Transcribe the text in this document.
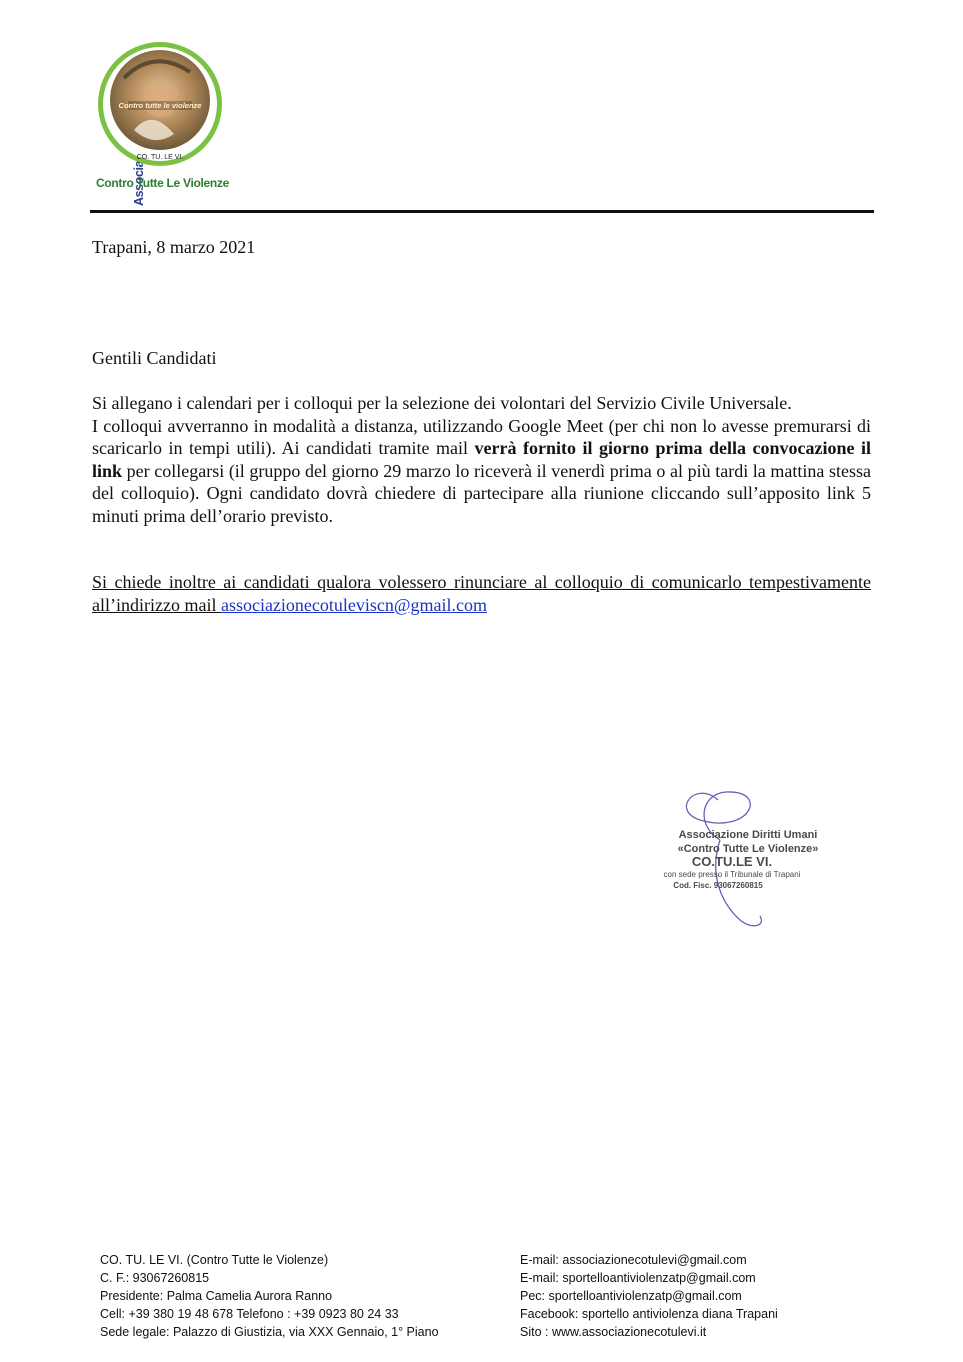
Associazione
Contro tutte le violenze
CO. TU. LE VI.
Contro Tutte Le Violenze
Trapani, 8 marzo 2021
Gentili Candidati
Si allegano i calendari per i colloqui per la selezione dei volontari del Servizio Civile Universale.
I colloqui avverranno in modalità a distanza, utilizzando Google Meet (per chi non lo avesse premurarsi di scaricarlo in tempi utili). Ai candidati tramite mail verrà fornito il giorno prima della convocazione il link per collegarsi (il gruppo del giorno 29 marzo lo riceverà il venerdì prima o al più tardi la mattina stessa del colloquio). Ogni candidato dovrà chiedere di partecipare alla riunione cliccando sull’apposito link 5 minuti prima dell’orario previsto.
Si chiede inoltre ai candidati qualora volessero rinunciare al colloquio di comunicarlo tempestivamente all’indirizzo mail associazionecotuleviscn@gmail.com
Associazione Diritti Umani
«Contro Tutte Le Violenze»
CO.TU.LE VI.
con sede presso il Tribunale di Trapani
Cod. Fisc. 93067260815
CO. TU. LE VI. (Contro Tutte le Violenze)
C. F.: 93067260815
Presidente: Palma Camelia Aurora Ranno
Cell: +39 380 19 48 678 Telefono : +39 0923 80 24 33
Sede legale: Palazzo di Giustizia, via XXX Gennaio, 1° Piano
E-mail: associazionecotulevi@gmail.com
E-mail: sportelloantiviolenzatp@gmail.com
Pec: sportelloantiviolenzatp@gmail.com
Facebook: sportello antiviolenza diana Trapani
Sito : www.associazionecotulevi.it
